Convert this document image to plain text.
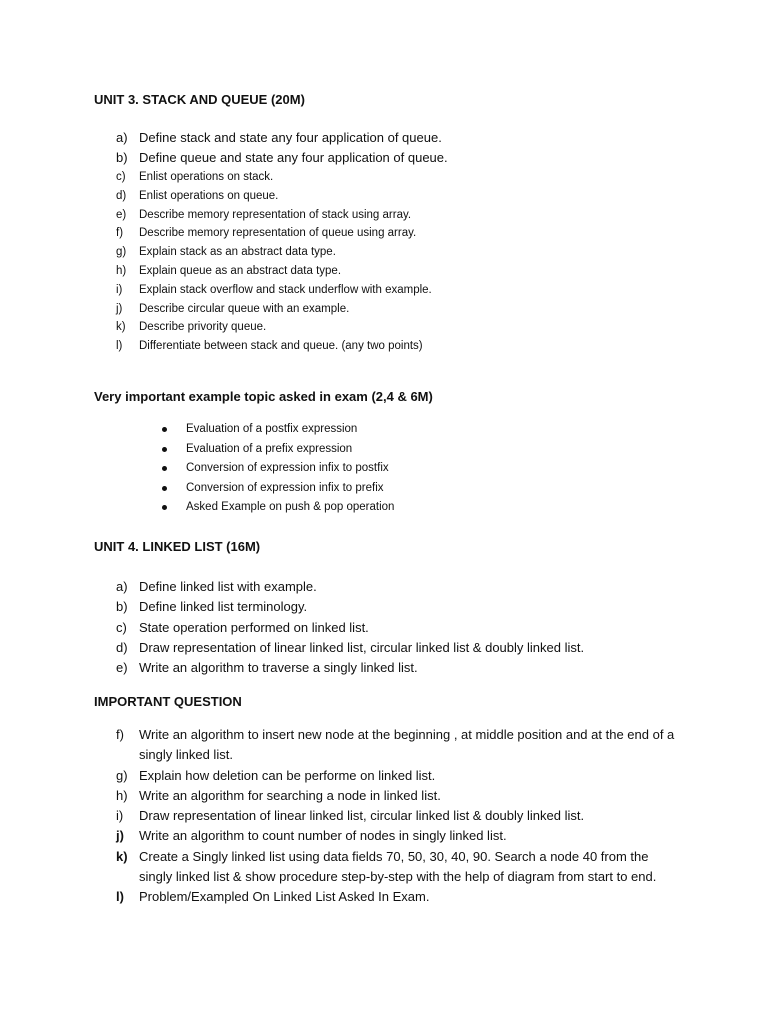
UNIT 3. STACK AND QUEUE (20M)
a) Define stack and state any four application of queue.
b) Define queue and state any four application of queue.
c) Enlist operations on stack.
d) Enlist operations on queue.
e) Describe memory representation of stack using array.
f) Describe memory representation of queue using array.
g) Explain stack as an abstract data type.
h) Explain queue as an abstract data type.
i) Explain stack overflow and stack underflow with example.
j) Describe circular queue with an example.
k) Describe privority queue.
l) Differentiate between stack and queue. (any two points)
Very important example topic asked in exam (2,4 & 6M)
Evaluation of a postfix expression
Evaluation of a prefix expression
Conversion of expression infix to postfix
Conversion of expression infix to prefix
Asked Example on push & pop operation
UNIT 4. LINKED LIST (16M)
a) Define linked list with example.
b) Define linked list terminology.
c) State operation performed on linked list.
d) Draw representation of linear linked list, circular linked list & doubly linked list.
e) Write an algorithm to traverse a singly linked list.
IMPORTANT QUESTION
f) Write an algorithm to insert new node at the beginning , at middle position and at the end of a singly linked list.
g) Explain how deletion can be performe on linked list.
h) Write an algorithm for searching a node in linked list.
i) Draw representation of linear linked list, circular linked list & doubly linked list.
j) Write an algorithm to count number of nodes in singly linked list.
k) Create a Singly linked list using data fields 70, 50, 30, 40, 90. Search a node 40 from the singly linked list & show procedure step-by-step with the help of diagram from start to end.
l) Problem/Exampled On Linked List Asked In Exam.
